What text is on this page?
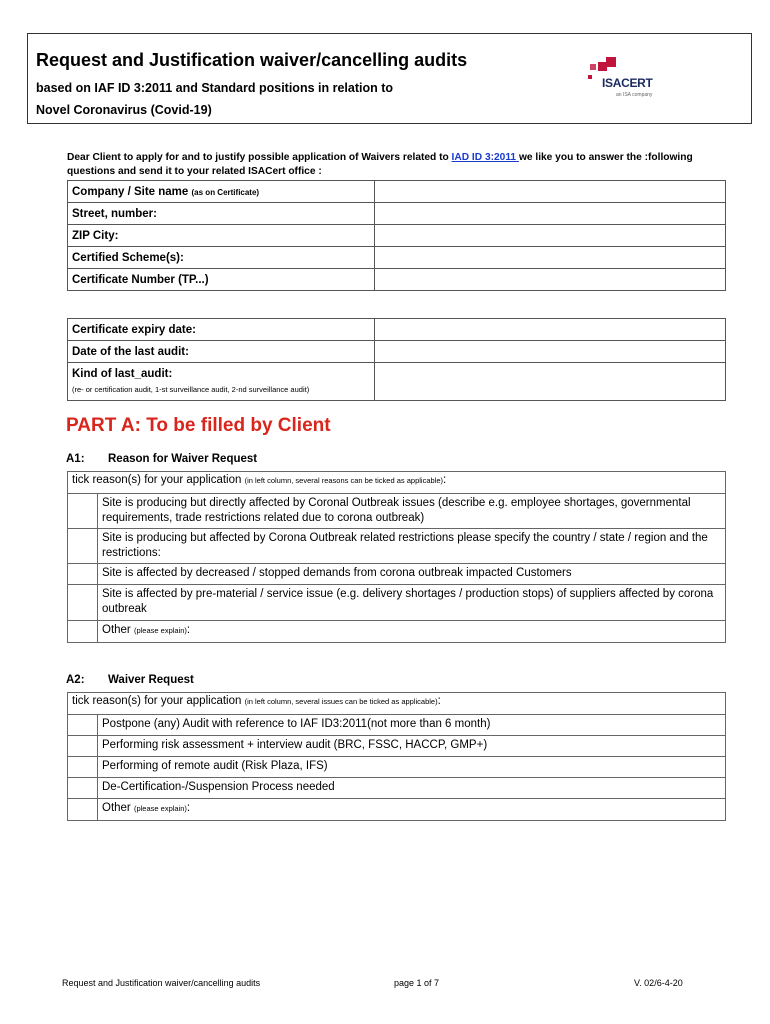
Request and Justification waiver/cancelling audits
based on IAF ID 3:2011 and Standard positions in relation to
Novel Coronavirus (Covid-19)
ISACERT
an ISA company
Dear Client to apply for and to justify possible application of Waivers related to IAD ID 3:2011 we like you to answer the :following questions and send it to your related ISACert office :
Company / Site name (as on Certificate)	
Street, number:	
ZIP City:	
Certified Scheme(s):	
Certificate Number (TP...)	
Certificate expiry date:	
Date of the last audit:	
Kind of last_audit:
(re- or certification audit, 1-st surveillance audit, 2-nd surveillance audit)	
PART A: To be filled by Client
A1: Reason for Waiver Request
tick reason(s) for your application (in left column, several reasons can be ticked as applicable):	
	Site is producing but directly affected by Coronal Outbreak issues (describe e.g. employee shortages, governmental requirements, trade restrictions related due to corona outbreak)
	Site is producing but affected by Corona Outbreak related restrictions please specify the country / state / region and the restrictions:
	Site is affected by decreased / stopped demands from corona outbreak impacted Customers
	Site is affected by pre-material / service issue (e.g. delivery shortages / production stops) of suppliers affected by corona outbreak
	Other (please explain):
A2: Waiver Request
tick reason(s) for your application (in left column, several issues can be ticked as applicable):	
	Postpone (any) Audit with reference to IAF ID3:2011(not more than 6 month)
	Performing risk assessment + interview audit (BRC, FSSC, HACCP, GMP+)
	Performing of remote audit (Risk Plaza, IFS)
	De-Certification-/Suspension Process needed
	Other (please explain):
Request and Justification waiver/cancelling audits	page 1 of 7	V. 02/6-4-20
